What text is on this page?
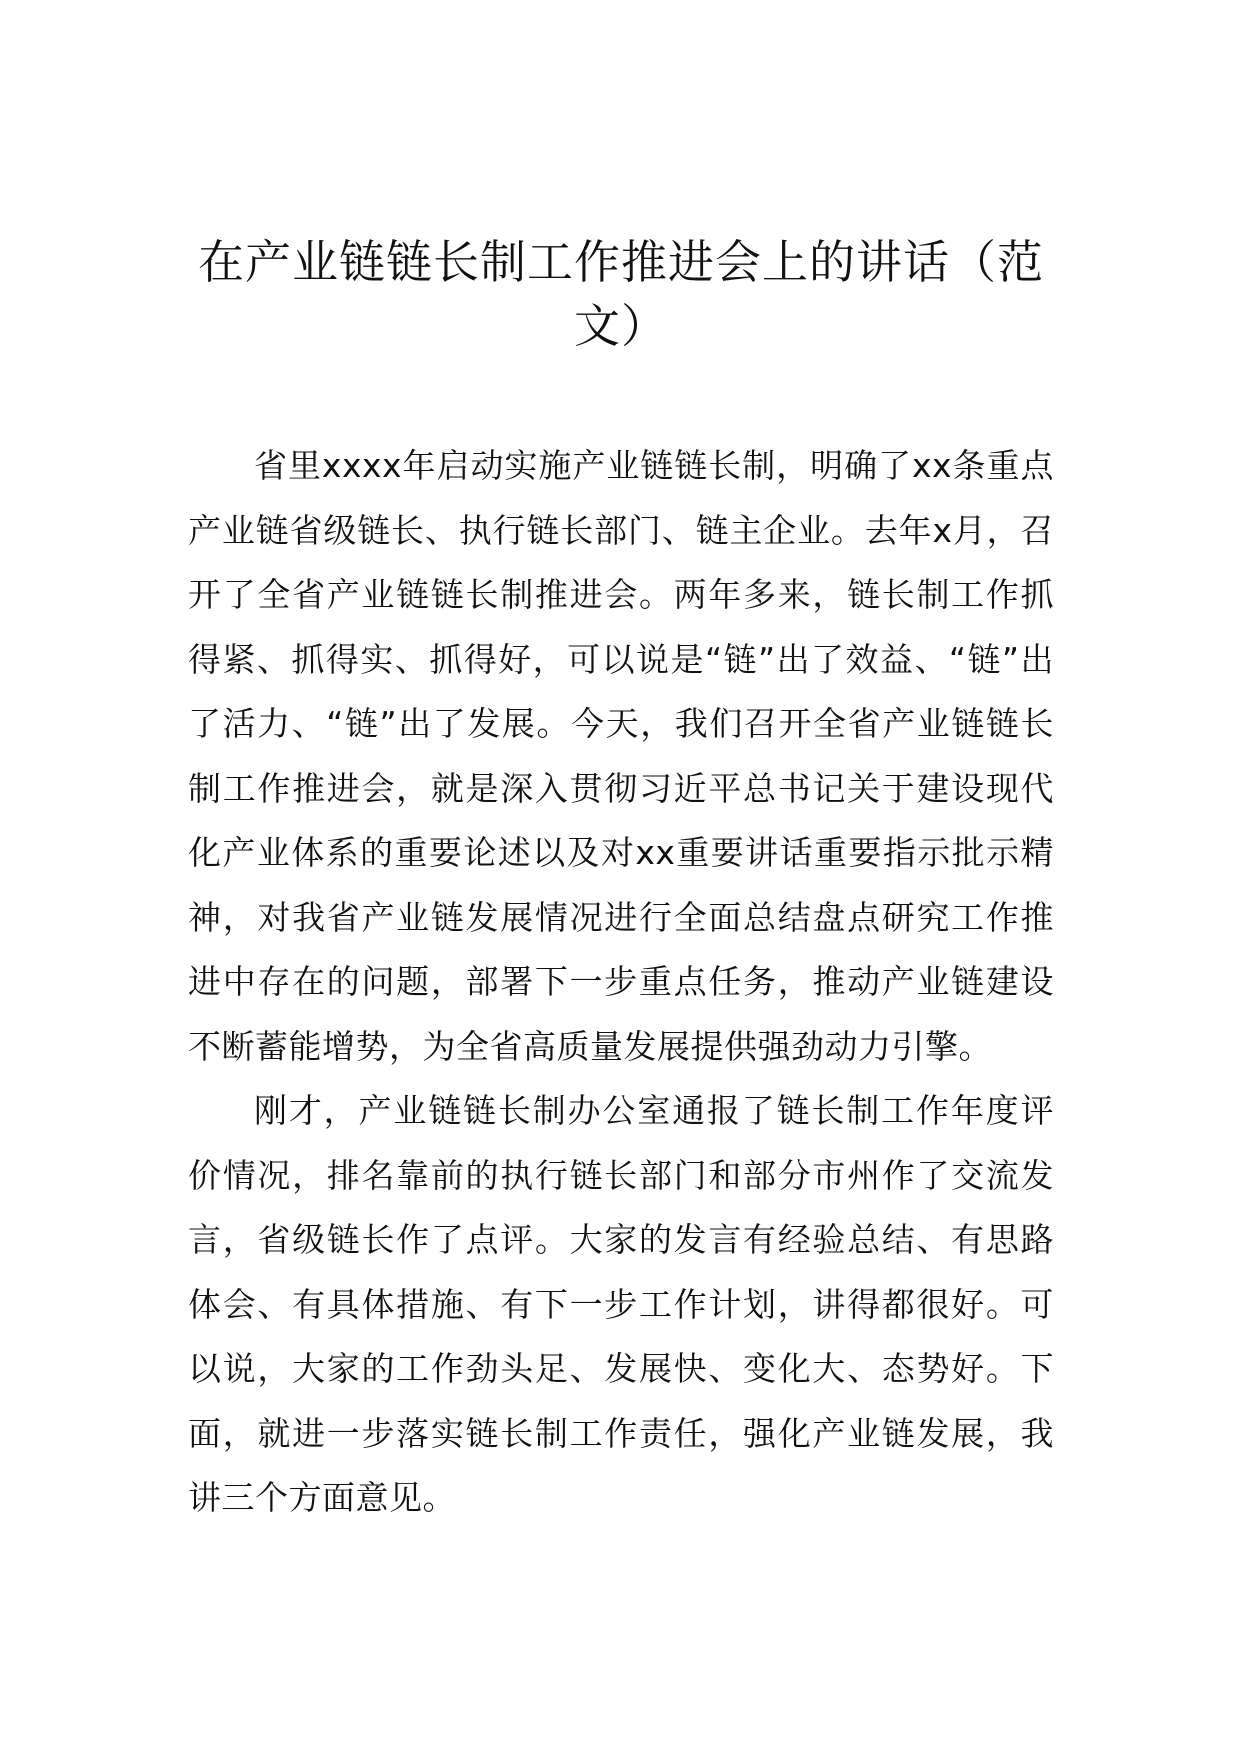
在产业链链长制工作推进会上的讲话（范
文）

省里xxxx年启动实施产业链链长制，明确了xx条重点产业链省级链长、执行链长部门、链主企业。去年x月，召开了全省产业链链长制推进会。两年多来，链长制工作抓得紧、抓得实、抓得好，可以说是“链”出了效益、“链”出了活力、“链”出了发展。今天，我们召开全省产业链链长制工作推进会，就是深入贯彻习近平总书记关于建设现代化产业体系的重要论述以及对xx重要讲话重要指示批示精神，对我省产业链发展情况进行全面总结盘点研究工作推进中存在的问题，部署下一步重点任务，推动产业链建设不断蓄能增势，为全省高质量发展提供强劲动力引擎。

刚才，产业链链长制办公室通报了链长制工作年度评价情况，排名靠前的执行链长部门和部分市州作了交流发言，省级链长作了点评。大家的发言有经验总结、有思路体会、有具体措施、有下一步工作计划，讲得都很好。可以说，大家的工作劲头足、发展快、变化大、态势好。下面，就进一步落实链长制工作责任，强化产业链发展，我讲三个方面意见。
